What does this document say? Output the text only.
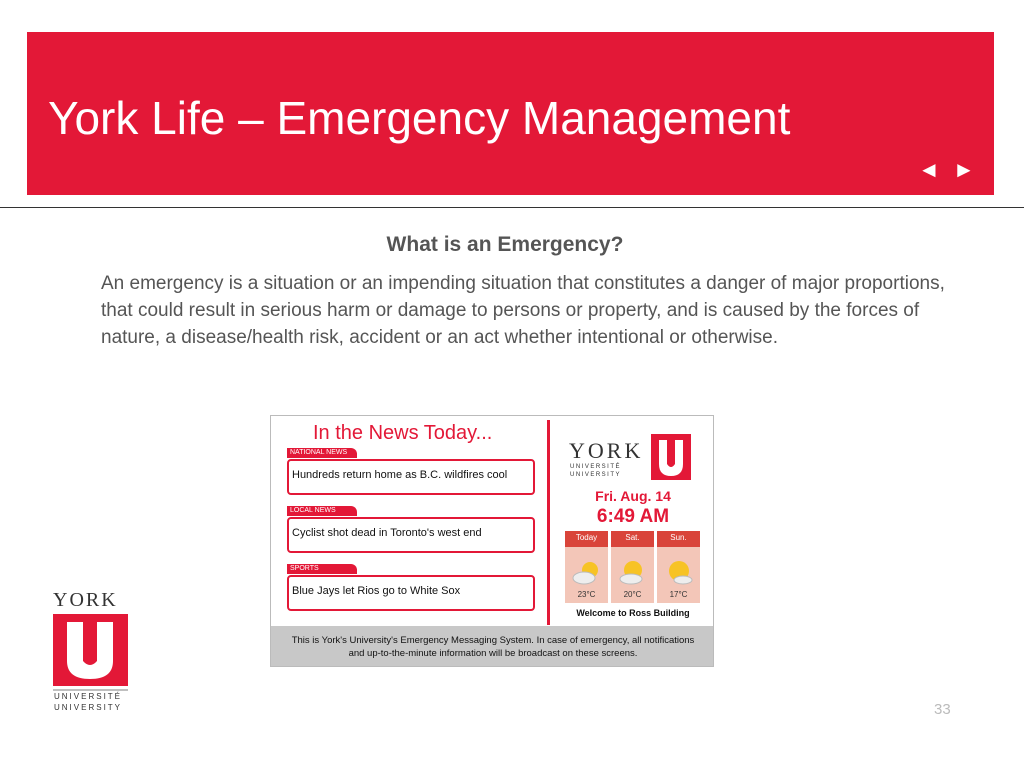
York Life – Emergency Management
◄ ►
What is an Emergency?
An emergency is a situation or an impending situation that constitutes a danger of major proportions, that could result in serious harm or damage to persons or property, and is caused by the forces of nature, a disease/health risk, accident or an act whether intentional or otherwise.
In the News Today...
NATIONAL NEWS
Hundreds return home as B.C. wildfires cool
LOCAL NEWS
Cyclist shot dead in Toronto's west end
SPORTS
Blue Jays let Rios go to White Sox
YORK
UNIVERSITÉ
UNIVERSITY
Fri. Aug. 14
6:49 AM
Today
23°C
Sat.
20°C
Sun.
17°C
Welcome to Ross Building
This is York's University's Emergency Messaging System. In case of emergency, all notifications and up-to-the-minute information will be broadcast on these screens.
YORK
UNIVERSITÉ
UNIVERSITY	33
